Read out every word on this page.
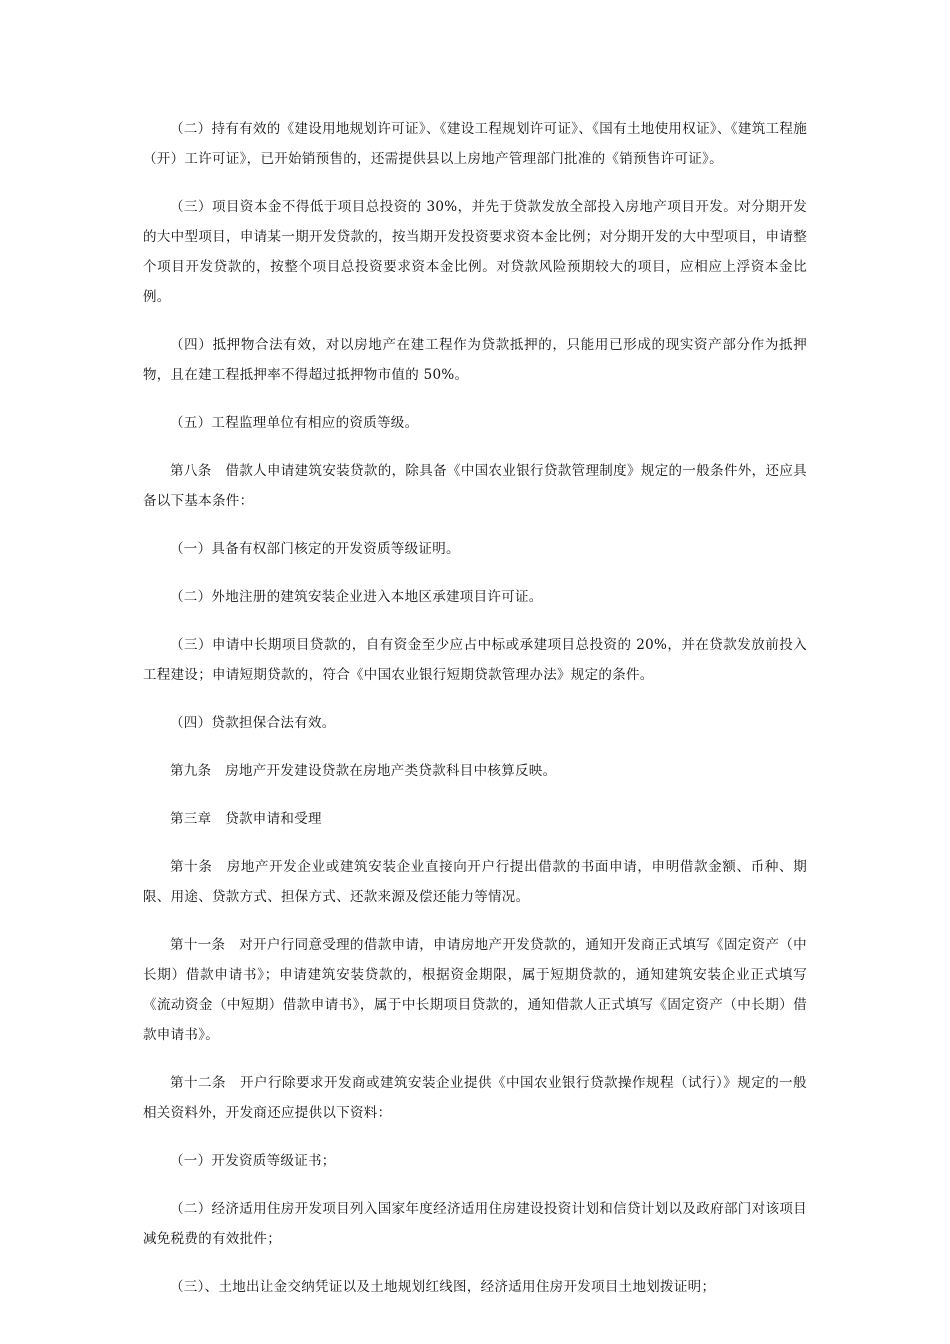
（二）持有有效的《建设用地规划许可证》、《建设工程规划许可证》、《国有土地使用权证》、《建筑工程施（开）工许可证》，已开始销预售的，还需提供县以上房地产管理部门批准的《销预售许可证》。

（三）项目资本金不得低于项目总投资的 30%，并先于贷款发放全部投入房地产项目开发。对分期开发的大中型项目，申请某一期开发贷款的，按当期开发投资要求资本金比例；对分期开发的大中型项目，申请整个项目开发贷款的，按整个项目总投资要求资本金比例。对贷款风险预期较大的项目，应相应上浮资本金比例。

（四）抵押物合法有效，对以房地产在建工程作为贷款抵押的，只能用已形成的现实资产部分作为抵押物，且在建工程抵押率不得超过抵押物市值的 50%。

（五）工程监理单位有相应的资质等级。

第八条　借款人申请建筑安装贷款的，除具备《中国农业银行贷款管理制度》规定的一般条件外，还应具备以下基本条件：

（一）具备有权部门核定的开发资质等级证明。

（二）外地注册的建筑安装企业进入本地区承建项目许可证。

（三）申请中长期项目贷款的，自有资金至少应占中标或承建项目总投资的 20%，并在贷款发放前投入工程建设；申请短期贷款的，符合《中国农业银行短期贷款管理办法》规定的条件。

（四）贷款担保合法有效。

第九条　房地产开发建设贷款在房地产类贷款科目中核算反映。

第三章　贷款申请和受理

第十条　房地产开发企业或建筑安装企业直接向开户行提出借款的书面申请，申明借款金额、币种、期限、用途、贷款方式、担保方式、还款来源及偿还能力等情况。

第十一条　对开户行同意受理的借款申请，申请房地产开发贷款的，通知开发商正式填写《固定资产（中长期）借款申请书》；申请建筑安装贷款的，根据资金期限，属于短期贷款的，通知建筑安装企业正式填写《流动资金（中短期）借款申请书》，属于中长期项目贷款的，通知借款人正式填写《固定资产（中长期）借款申请书》。

第十二条　开户行除要求开发商或建筑安装企业提供《中国农业银行贷款操作规程（试行）》规定的一般相关资料外，开发商还应提供以下资料：

（一）开发资质等级证书；

（二）经济适用住房开发项目列入国家年度经济适用住房建设投资计划和信贷计划以及政府部门对该项目减免税费的有效批件；

（三）、土地出让金交纳凭证以及土地规划红线图，经济适用住房开发项目土地划拨证明；
